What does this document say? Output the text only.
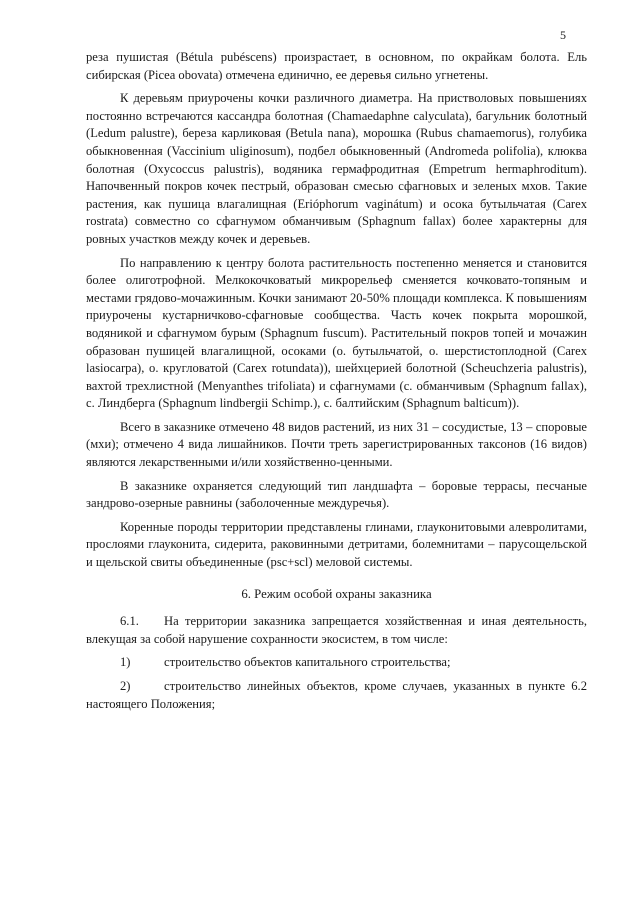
5

реза пушистая (Bétula pubéscens) произрастает, в основном, по окрайкам болота. Ель сибирская (Picea obovata) отмечена единично, ее деревья сильно угнетены.

К деревьям приурочены кочки различного диаметра. На пристволовых повышениях постоянно встречаются кассандра болотная (Chamaedaphne calyculata), багульник болотный (Ledum palustre), береза карликовая (Betula nana), морошка (Rubus chamaemorus), голубика обыкновенная (Vaccinium uliginosum), подбел обыкновенный (Andromeda polifolia), клюква болотная (Oxycoccus palustris), водяника гермафродитная (Empetrum hermaphroditum). Напочвенный покров кочек пестрый, образован смесью сфагновых и зеленых мхов. Такие растения, как пушица влагалищная (Erióphorum vaginátum) и осока бутыльчатая (Carex rostrata) совместно со сфагнумом обманчивым (Sphagnum fallax) более характерны для ровных участков между кочек и деревьев.

По направлению к центру болота растительность постепенно меняется и становится более олиготрофной. Мелкокочковатый микрорельеф сменяется кочковато-топяным и местами грядово-мочажинным. Кочки занимают 20-50% площади комплекса. К повышениям приурочены кустарничково-сфагновые сообщества. Часть кочек покрыта морошкой, водяникой и сфагнумом бурым (Sphagnum fuscum). Растительный покров топей и мочажин образован пушицей влагалищной, осоками (о. бутыльчатой, о. шерстистоплодной (Carex lasiocarpa), о. кругловатой (Carex rotundata)), шейхцерией болотной (Scheuchzeria palustris), вахтой трехлистной (Menyanthes trifoliata) и сфагнумами (с. обманчивым (Sphagnum fallax), с. Линдберга (Sphagnum lindbergii Schimp.), с. балтийским (Sphagnum balticum)).

Всего в заказнике отмечено 48 видов растений, из них 31 – сосудистые, 13 – споровые (мхи); отмечено 4 вида лишайников. Почти треть зарегистрированных таксонов (16 видов) являются лекарственными и/или хозяйственно-ценными.

В заказнике охраняется следующий тип ландшафта – боровые террасы, песчаные зандрово-озерные равнины (заболоченные междуречья).

Коренные породы территории представлены глинами, глауконитовыми алевролитами, прослоями глауконита, сидерита, раковинными детритами, болемнитами – парусощельской и щельской свиты объединенные (psc+scl) меловой системы.

6. Режим особой охраны заказника

6.1. На территории заказника запрещается хозяйственная и иная деятельность, влекущая за собой нарушение сохранности экосистем, в том числе:

1)	строительство объектов капитального строительства;

2)	строительство линейных объектов, кроме случаев, указанных в пункте 6.2 настоящего Положения;
